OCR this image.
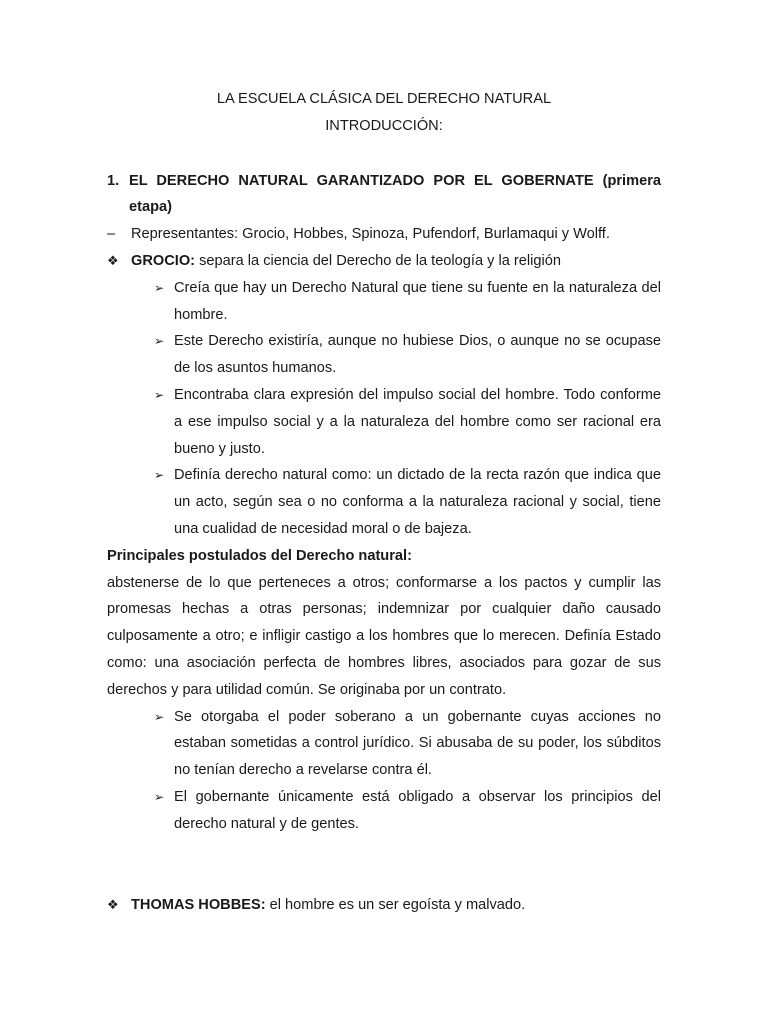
LA ESCUELA CLÁSICA DEL DERECHO NATURAL
INTRODUCCIÓN:
1. EL DERECHO NATURAL GARANTIZADO POR EL GOBERNATE (primera etapa)
–	Representantes: Grocio, Hobbes, Spinoza, Pufendorf, Burlamaqui y Wolff.
❖ GROCIO: separa la ciencia del Derecho de la teología y la religión
➢ Creía que hay un Derecho Natural que tiene su fuente en la naturaleza del hombre.
➢ Este Derecho existiría, aunque no hubiese Dios, o aunque no se ocupase de los asuntos humanos.
➢ Encontraba clara expresión del impulso social del hombre. Todo conforme a ese impulso social y a la naturaleza del hombre como ser racional era bueno y justo.
➢ Definía derecho natural como: un dictado de la recta razón que indica que un acto, según sea o no conforma a la naturaleza racional y social, tiene una cualidad de necesidad moral o de bajeza.
Principales postulados del Derecho natural:
abstenerse de lo que perteneces a otros; conformarse a los pactos y cumplir las promesas hechas a otras personas; indemnizar por cualquier daño causado culposamente a otro; e infligir castigo a los hombres que lo merecen. Definía Estado como: una asociación perfecta de hombres libres, asociados para gozar de sus derechos y para utilidad común. Se originaba por un contrato.
➢ Se otorgaba el poder soberano a un gobernante cuyas acciones no estaban sometidas a control jurídico. Si abusaba de su poder, los súbditos no tenían derecho a revelarse contra él.
➢ El gobernante únicamente está obligado a observar los principios del derecho natural y de gentes.
❖ THOMAS HOBBES: el hombre es un ser egoísta y malvado.
